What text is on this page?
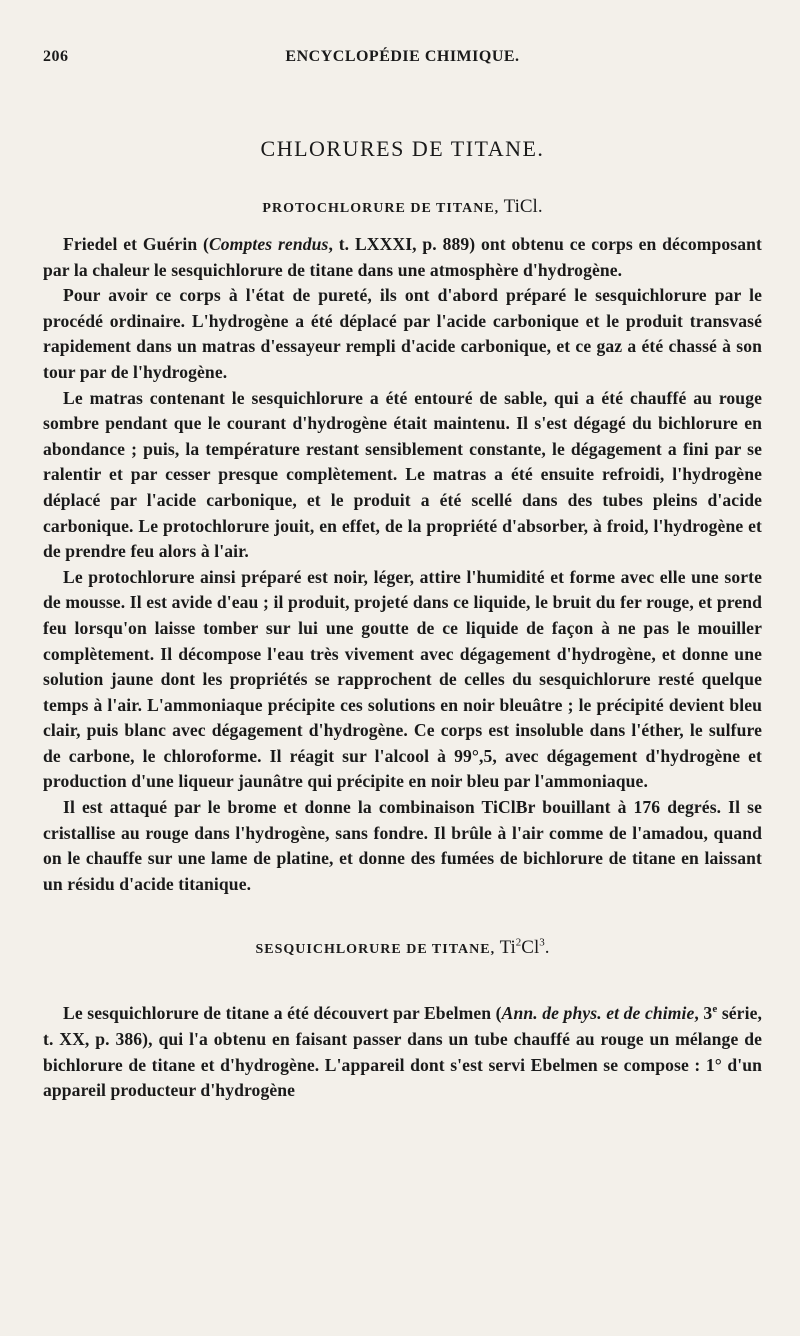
206	ENCYCLOPÉDIE CHIMIQUE.
CHLORURES DE TITANE.
PROTOCHLORURE DE TITANE, TiCl.

Friedel et Guérin (Comptes rendus, t. LXXXI, p. 889) ont obtenu ce corps en décomposant par la chaleur le sesquichlorure de titane dans une atmosphère d'hydrogène.

Pour avoir ce corps à l'état de pureté, ils ont d'abord préparé le sesquichlorure par le procédé ordinaire. L'hydrogène a été déplacé par l'acide carbonique et le produit transvasé rapidement dans un matras d'essayeur rempli d'acide carbonique, et ce gaz a été chassé à son tour par de l'hydrogène.

Le matras contenant le sesquichlorure a été entouré de sable, qui a été chauffé au rouge sombre pendant que le courant d'hydrogène était maintenu. Il s'est dégagé du bichlorure en abondance ; puis, la température restant sensiblement constante, le dégagement a fini par se ralentir et par cesser presque complètement. Le matras a été ensuite refroidi, l'hydrogène déplacé par l'acide carbonique, et le produit a été scellé dans des tubes pleins d'acide carbonique. Le protochlorure jouit, en effet, de la propriété d'absorber, à froid, l'hydrogène et de prendre feu alors à l'air.

Le protochlorure ainsi préparé est noir, léger, attire l'humidité et forme avec elle une sorte de mousse. Il est avide d'eau ; il produit, projeté dans ce liquide, le bruit du fer rouge, et prend feu lorsqu'on laisse tomber sur lui une goutte de ce liquide de façon à ne pas le mouiller complètement. Il décompose l'eau très vivement avec dégagement d'hydrogène, et donne une solution jaune dont les propriétés se rapprochent de celles du sesquichlorure resté quelque temps à l'air. L'ammoniaque précipite ces solutions en noir bleuâtre ; le précipité devient bleu clair, puis blanc avec dégagement d'hydrogène. Ce corps est insoluble dans l'éther, le sulfure de carbone, le chloroforme. Il réagit sur l'alcool à 99°,5, avec dégagement d'hydrogène et production d'une liqueur jaunâtre qui précipite en noir bleu par l'ammoniaque.

Il est attaqué par le brome et donne la combinaison TiClBr bouillant à 176 degrés. Il se cristallise au rouge dans l'hydrogène, sans fondre. Il brûle à l'air comme de l'amadou, quand on le chauffe sur une lame de platine, et donne des fumées de bichlorure de titane en laissant un résidu d'acide titanique.

SESQUICHLORURE DE TITANE, Ti$^2$Cl$^3$.

Le sesquichlorure de titane a été découvert par Ebelmen (Ann. de phys. et de chimie, 3e série, t. XX, p. 386), qui l'a obtenu en faisant passer dans un tube chauffé au rouge un mélange de bichlorure de titane et d'hydrogène. L'appareil dont s'est servi Ebelmen se compose : 1° d'un appareil producteur d'hydrogène
